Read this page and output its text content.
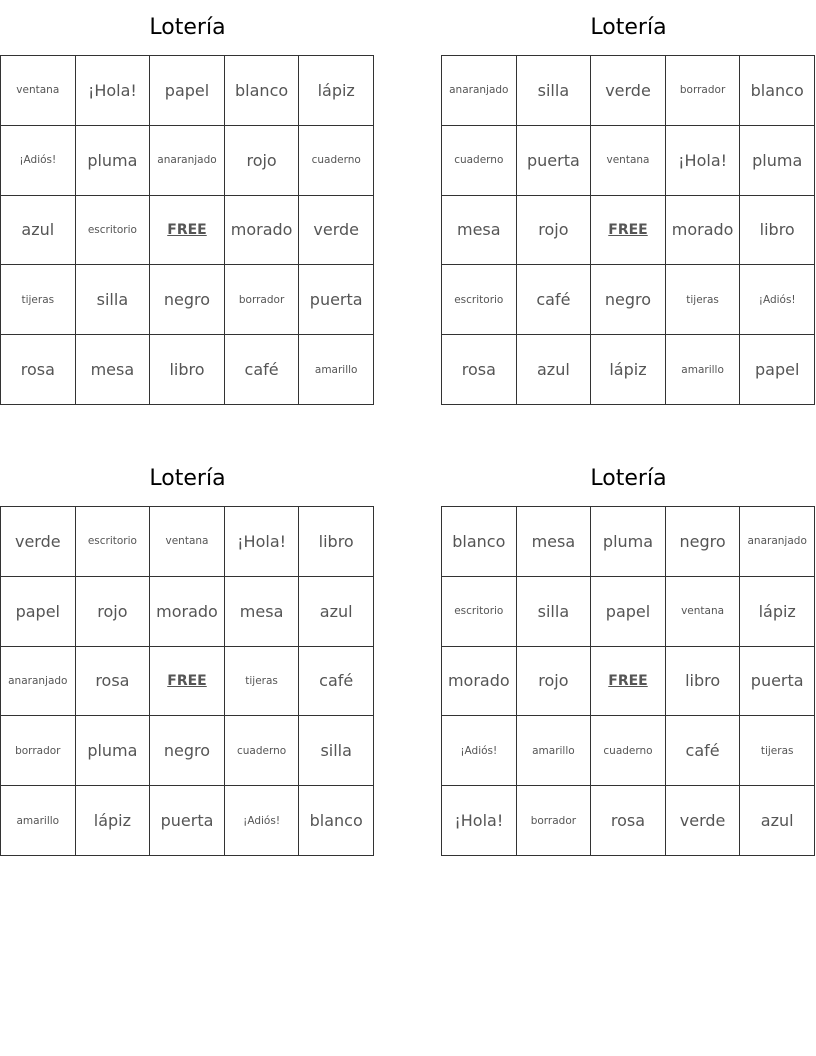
Lotería
ventana	¡Hola!	papel	blanco	lápiz
¡Adiós!	pluma	anaranjado	rojo	cuaderno
azul	escritorio	FREE	morado	verde
tijeras	silla	negro	borrador	puerta
rosa	mesa	libro	café	amarillo
Lotería
anaranjado	silla	verde	borrador	blanco
cuaderno	puerta	ventana	¡Hola!	pluma
mesa	rojo	FREE	morado	libro
escritorio	café	negro	tijeras	¡Adiós!
rosa	azul	lápiz	amarillo	papel
Lotería
verde	escritorio	ventana	¡Hola!	libro
papel	rojo	morado	mesa	azul
anaranjado	rosa	FREE	tijeras	café
borrador	pluma	negro	cuaderno	silla
amarillo	lápiz	puerta	¡Adiós!	blanco
Lotería
blanco	mesa	pluma	negro	anaranjado
escritorio	silla	papel	ventana	lápiz
morado	rojo	FREE	libro	puerta
¡Adiós!	amarillo	cuaderno	café	tijeras
¡Hola!	borrador	rosa	verde	azul
